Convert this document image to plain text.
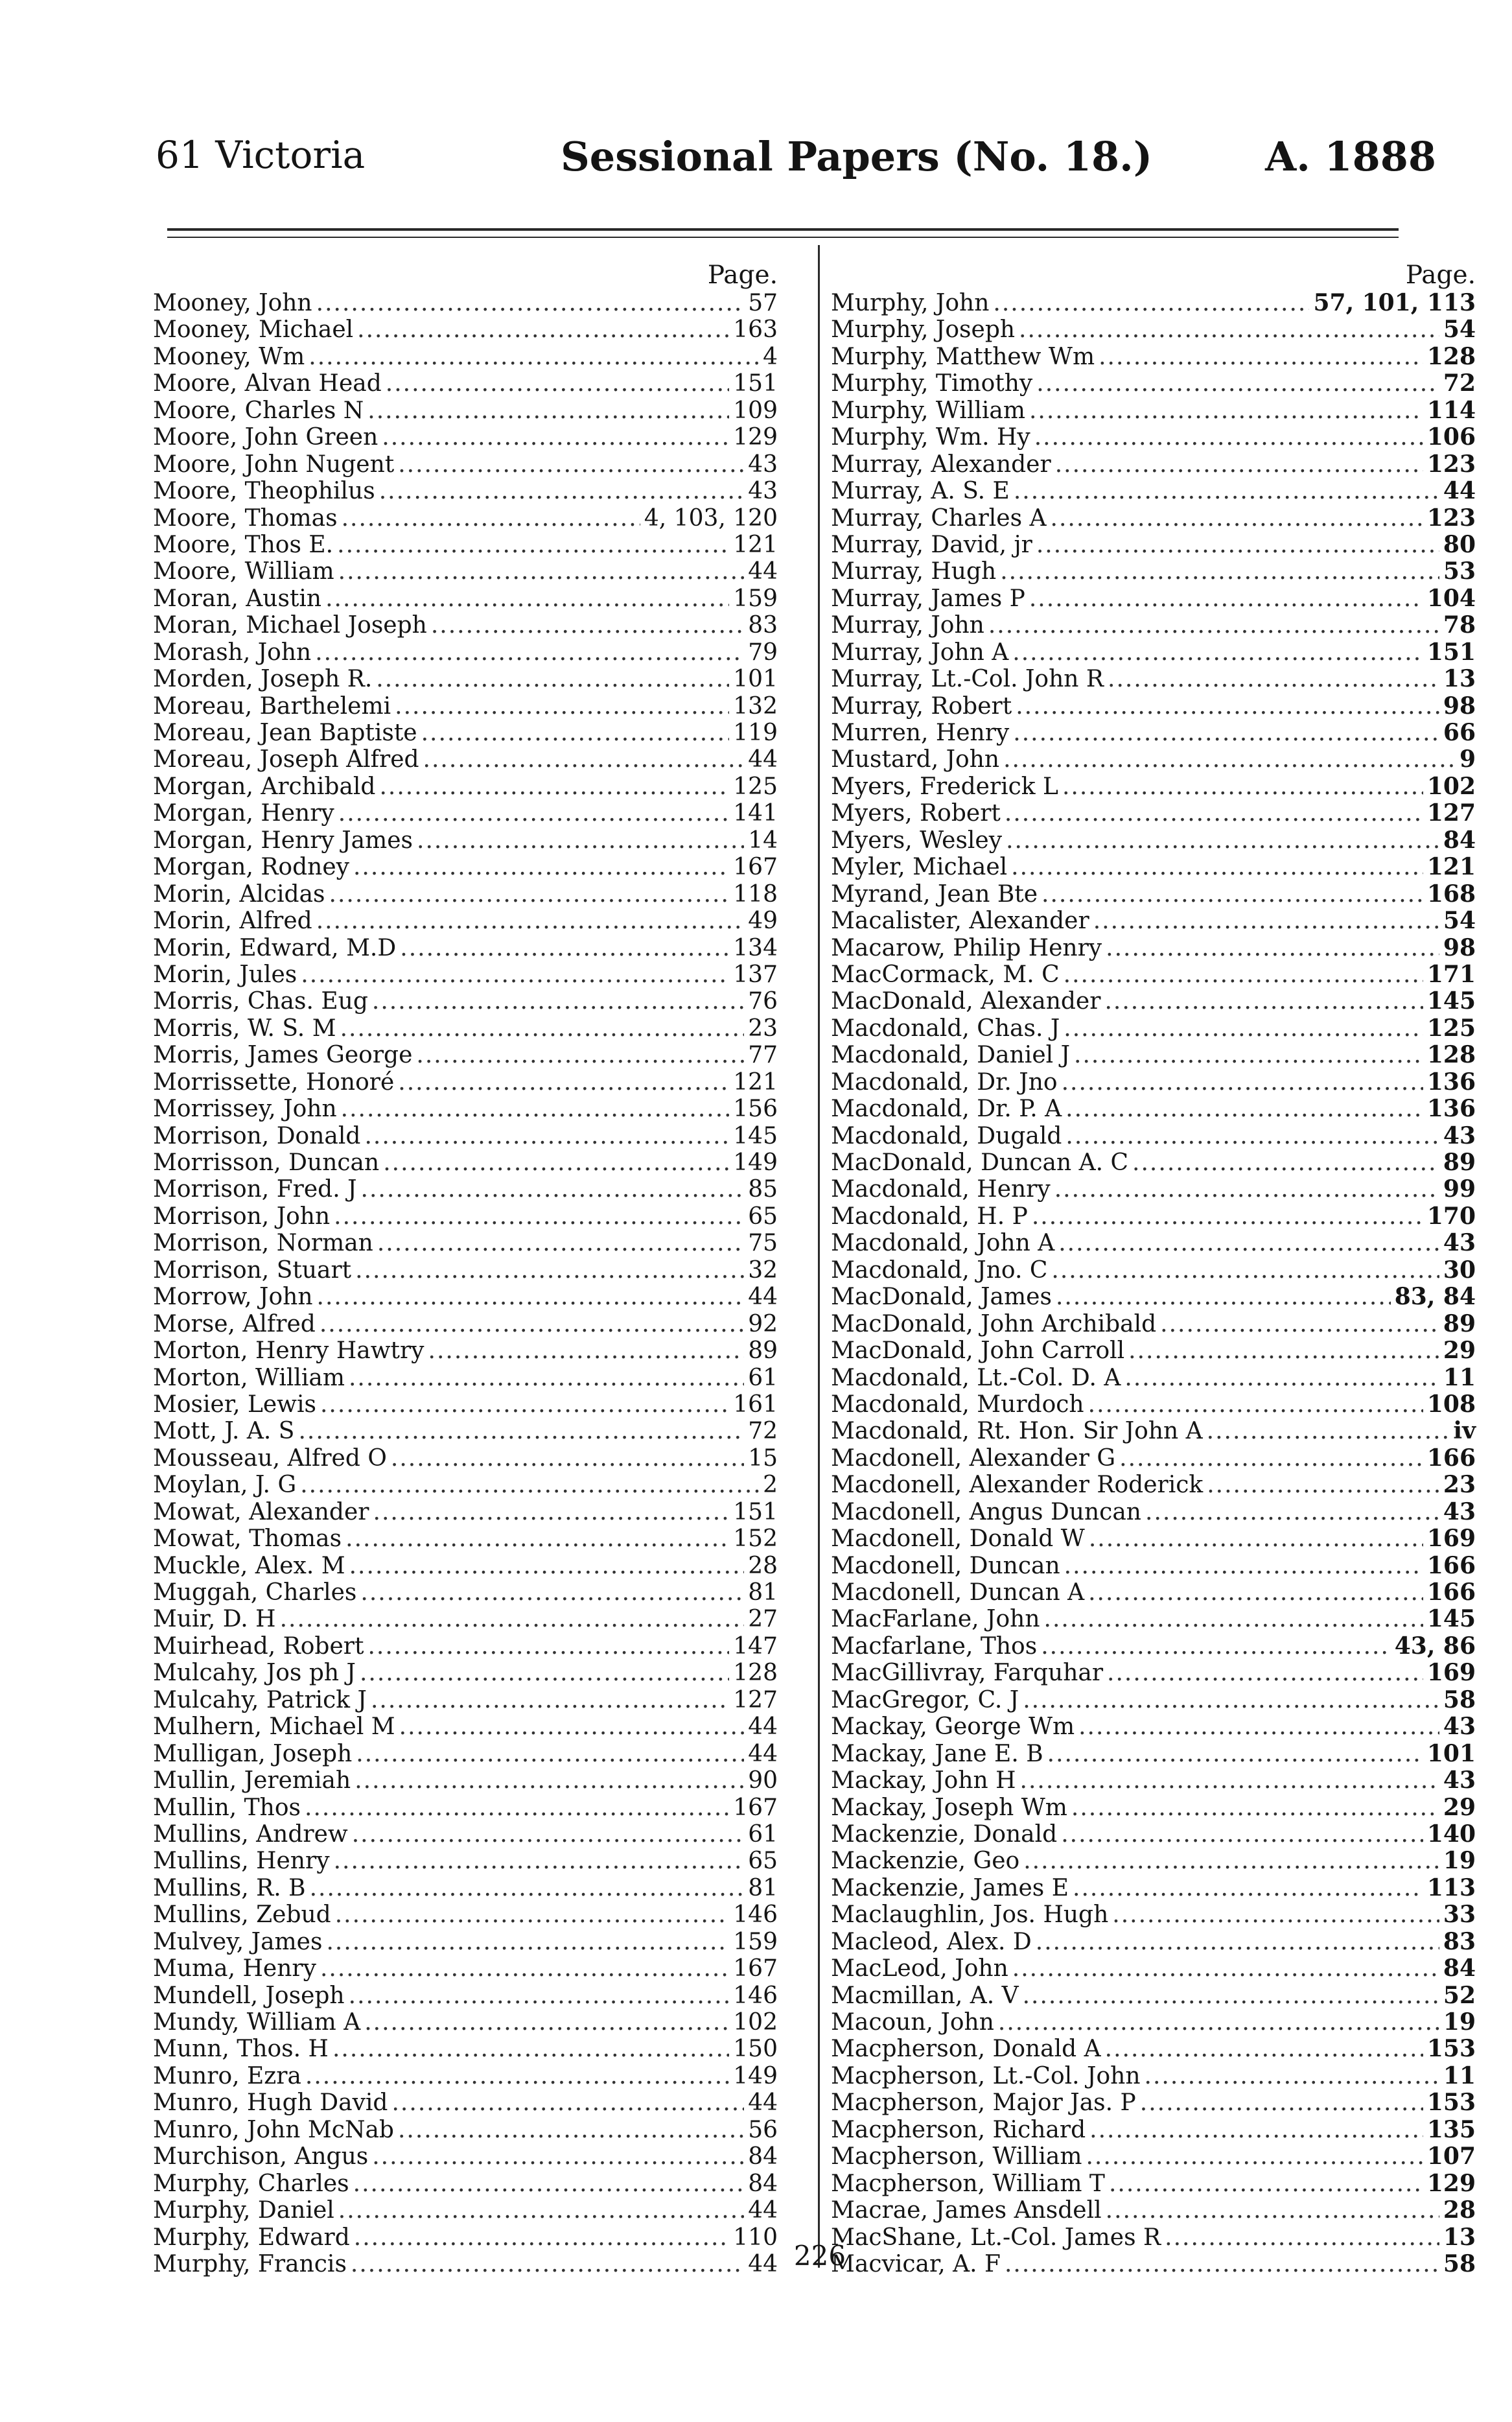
61 Victoria	Sessional Papers (No. 18.)	A. 1888
Page.
Mooney, John .....	57
Mooney, Michael .....	163
Mooney, Wm .....	4
Moore, Alvan Head .....	151
Moore, Charles N .....	109
Moore, John Green .....	129
Moore, John Nugent .....	43
Moore, Theophilus .....	43
Moore, Thomas .....	4, 103, 120
Moore, Thos E. .....	121
Moore, William .....	44
Moran, Austin .....	159
Moran, Michael Joseph .....	83
Morash, John .....	79
Morden, Joseph R. .....	101
Moreau, Barthelemi .....	132
Moreau, Jean Baptiste .....	119
Moreau, Joseph Alfred .....	44
Morgan, Archibald .....	125
Morgan, Henry .....	141
Morgan, Henry James .....	14
Morgan, Rodney .....	167
Morin, Alcidas .....	118
Morin, Alfred .....	49
Morin, Edward, M.D .....	134
Morin, Jules .....	137
Morris, Chas. Eug .....	76
Morris, W. S. M .....	23
Morris, James George .....	77
Morrissette, Honoré .....	121
Morrissey, John .....	156
Morrison, Donald .....	145
Morrisson, Duncan .....	149
Morrison, Fred. J .....	85
Morrison, John .....	65
Morrison, Norman .....	75
Morrison, Stuart .....	32
Morrow, John .....	44
Morse, Alfred .....	92
Morton, Henry Hawtry .....	89
Morton, William .....	61
Mosier, Lewis .....	161
Mott, J. A. S .....	72
Mousseau, Alfred O .....	15
Moylan, J. G .....	2
Mowat, Alexander .....	151
Mowat, Thomas .....	152
Muckle, Alex. M .....	28
Muggah, Charles .....	81
Muir, D. H .....	27
Muirhead, Robert .....	147
Mulcahy, Jos ph J .....	128
Mulcahy, Patrick J .....	127
Mulhern, Michael M .....	44
Mulligan, Joseph .....	44
Mullin, Jeremiah .....	90
Mullin, Thos .....	167
Mullins, Andrew .....	61
Mullins, Henry .....	65
Mullins, R. B .....	81
Mullins, Zebud .....	146
Mulvey, James .....	159
Muma, Henry .....	167
Mundell, Joseph .....	146
Mundy, William A .....	102
Munn, Thos. H .....	150
Munro, Ezra .....	149
Munro, Hugh David .....	44
Munro, John McNab .....	56
Murchison, Angus .....	84
Murphy, Charles .....	84
Murphy, Daniel .....	44
Murphy, Edward .....	110
Murphy, Francis .....	44
Page.
Murphy, John .....	57, 101, 113
Murphy, Joseph .....	54
Murphy, Matthew Wm .....	128
Murphy, Timothy .....	72
Murphy, William .....	114
Murphy, Wm. Hy .....	106
Murray, Alexander .....	123
Murray, A. S. E .....	44
Murray, Charles A .....	123
Murray, David, jr .....	80
Murray, Hugh .....	53
Murray, James P .....	104
Murray, John .....	78
Murray, John A .....	151
Murray, Lt.-Col. John R .....	13
Murray, Robert .....	98
Murren, Henry .....	66
Mustard, John .....	9
Myers, Frederick L .....	102
Myers, Robert .....	127
Myers, Wesley .....	84
Myler, Michael .....	121
Myrand, Jean Bte .....	168
Macalister, Alexander .....	54
Macarow, Philip Henry .....	98
MacCormack, M. C .....	171
MacDonald, Alexander .....	145
Macdonald, Chas. J .....	125
Macdonald, Daniel J .....	128
Macdonald, Dr. Jno .....	136
Macdonald, Dr. P. A .....	136
Macdonald, Dugald .....	43
MacDonald, Duncan A. C .....	89
Macdonald, Henry .....	99
Macdonald, H. P .....	170
Macdonald, John A .....	43
Macdonald, Jno. C .....	30
MacDonald, James .....	83, 84
MacDonald, John Archibald .....	89
MacDonald, John Carroll .....	29
Macdonald, Lt.-Col. D. A .....	11
Macdonald, Murdoch .....	108
Macdonald, Rt. Hon. Sir John A .....	iv
Macdonell, Alexander G .....	166
Macdonell, Alexander Roderick .....	23
Macdonell, Angus Duncan .....	43
Macdonell, Donald W .....	169
Macdonell, Duncan .....	166
Macdonell, Duncan A .....	166
MacFarlane, John .....	145
Macfarlane, Thos .....	43, 86
MacGillivray, Farquhar .....	169
MacGregor, C. J .....	58
Mackay, George Wm .....	43
Mackay, Jane E. B .....	101
Mackay, John H .....	43
Mackay, Joseph Wm .....	29
Mackenzie, Donald .....	140
Mackenzie, Geo .....	19
Mackenzie, James E .....	113
Maclaughlin, Jos. Hugh .....	33
Macleod, Alex. D .....	83
MacLeod, John .....	84
Macmillan, A. V .....	52
Macoun, John .....	19
Macpherson, Donald A .....	153
Macpherson, Lt.-Col. John .....	11
Macpherson, Major Jas. P .....	153
Macpherson, Richard .....	135
Macpherson, William .....	107
Macpherson, William T .....	129
Macrae, James Ansdell .....	28
MacShane, Lt.-Col. James R .....	13
Macvicar, A. F .....	58
226
